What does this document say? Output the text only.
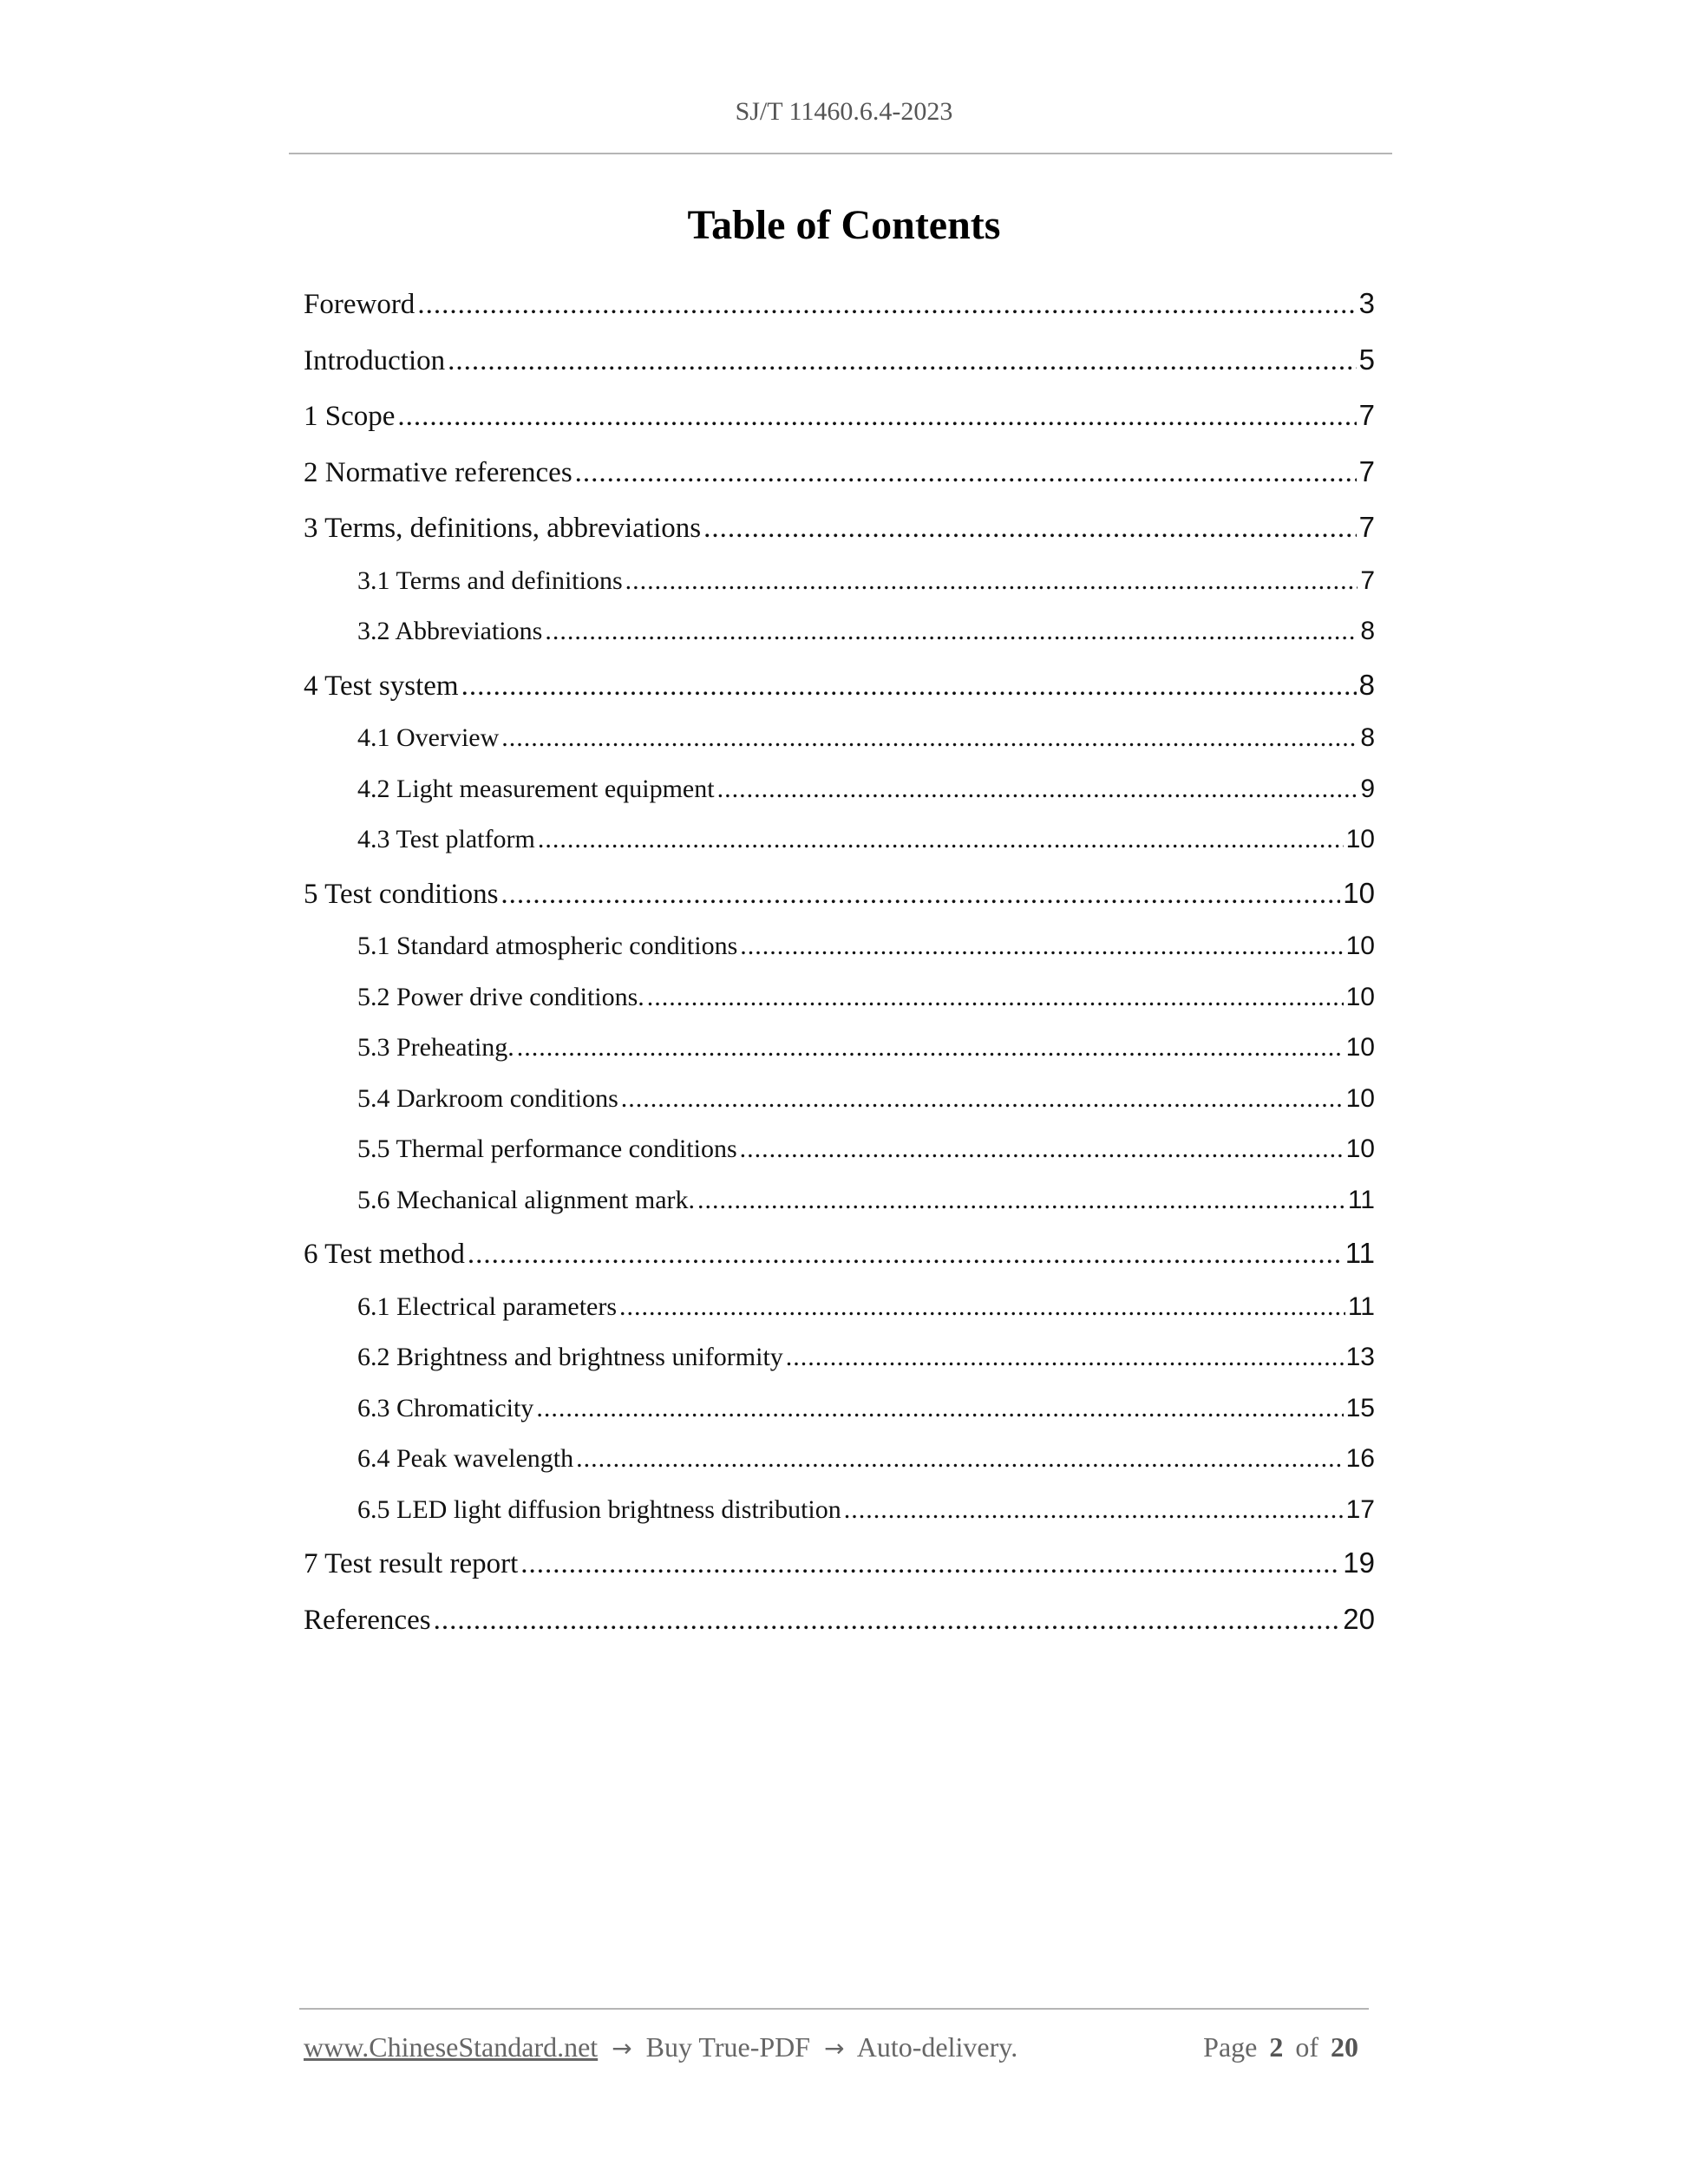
SJ/T 11460.6.4-2023
Table of Contents
Foreword .....	3
Introduction .....	5
1 Scope .....	7
2 Normative references .....	7
3 Terms, definitions, abbreviations .....	7
3.1 Terms and definitions .....	7
3.2 Abbreviations .....	8
4 Test system .....	8
4.1 Overview .....	8
4.2 Light measurement equipment .....	9
4.3 Test platform .....	10
5 Test conditions .....	10
5.1 Standard atmospheric conditions .....	10
5.2 Power drive conditions. .....	10
5.3 Preheating. .....	10
5.4 Darkroom conditions .....	10
5.5 Thermal performance conditions .....	10
5.6 Mechanical alignment mark. .....	11
6 Test method .....	11
6.1 Electrical parameters .....	11
6.2 Brightness and brightness uniformity .....	13
6.3 Chromaticity .....	15
6.4 Peak wavelength .....	16
6.5 LED light diffusion brightness distribution .....	17
7 Test result report .....	19
References .....	20
www.ChineseStandard.net → Buy True-PDF → Auto-delivery.	Page 2 of 20
